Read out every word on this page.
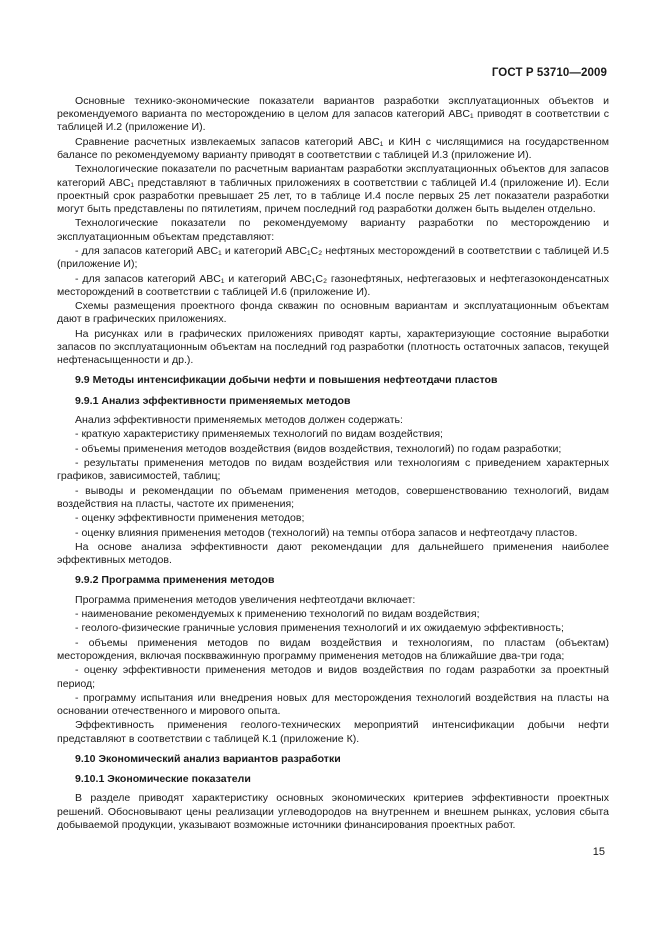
ГОСТ Р 53710—2009

Основные технико-экономические показатели вариантов разработки эксплуатационных объектов и рекомендуемого варианта по месторождению в целом для запасов категорий ABC₁ приводят в соответствии с таблицей И.2 (приложение И).

Сравнение расчетных извлекаемых запасов категорий ABC₁ и КИН с числящимися на государственном балансе по рекомендуемому варианту приводят в соответствии с таблицей И.3 (приложение И).

Технологические показатели по расчетным вариантам разработки эксплуатационных объектов для запасов категорий ABC₁ представляют в табличных приложениях в соответствии с таблицей И.4 (приложение И). Если проектный срок разработки превышает 25 лет, то в таблице И.4 после первых 25 лет показатели разработки могут быть представлены по пятилетиям, причем последний год разработки должен быть выделен отдельно.

Технологические показатели по рекомендуемому варианту разработки по месторождению и эксплуатационным объектам представляют:

- для запасов категорий ABC₁ и категорий ABC₁C₂ нефтяных месторождений в соответствии с таблицей И.5 (приложение И);

- для запасов категорий ABC₁ и категорий ABC₁C₂ газонефтяных, нефтегазовых и нефтегазоконденсатных месторождений в соответствии с таблицей И.6 (приложение И).

Схемы размещения проектного фонда скважин по основным вариантам и эксплуатационным объектам дают в графических приложениях.

На рисунках или в графических приложениях приводят карты, характеризующие состояние выработки запасов по эксплуатационным объектам на последний год разработки (плотность остаточных запасов, текущей нефтенасыщенности и др.).

9.9 Методы интенсификации добычи нефти и повышения нефтеотдачи пластов
9.9.1 Анализ эффективности применяемых методов

Анализ эффективности применяемых методов должен содержать:

- краткую характеристику применяемых технологий по видам воздействия;

- объемы применения методов воздействия (видов воздействия, технологий) по годам разработки;

- результаты применения методов по видам воздействия или технологиям с приведением характерных графиков, зависимостей, таблиц;

- выводы и рекомендации по объемам применения методов, совершенствованию технологий, видам воздействия на пласты, частоте их применения;

- оценку эффективности применения методов;

- оценку влияния применения методов (технологий) на темпы отбора запасов и нефтеотдачу пластов.

На основе анализа эффективности дают рекомендации для дальнейшего применения наиболее эффективных методов.

9.9.2 Программа применения методов

Программа применения методов увеличения нефтеотдачи включает:

- наименование рекомендуемых к применению технологий по видам воздействия;

- геолого-физические граничные условия применения технологий и их ожидаемую эффективность;

- объемы применения методов по видам воздействия и технологиям, по пластам (объектам) месторождения, включая посквважинную программу применения методов на ближайшие два-три года;

- оценку эффективности применения методов и видов воздействия по годам разработки за проектный период;

- программу испытания или внедрения новых для месторождения технологий воздействия на пласты на основании отечественного и мирового опыта.

Эффективность применения геолого-технических мероприятий интенсификации добычи нефти представляют в соответствии с таблицей К.1 (приложение К).

9.10 Экономический анализ вариантов разработки
9.10.1 Экономические показатели

В разделе приводят характеристику основных экономических критериев эффективности проектных решений. Обосновывают цены реализации углеводородов на внутреннем и внешнем рынках, условия сбыта добываемой продукции, указывают возможные источники финансирования проектных работ.

15
